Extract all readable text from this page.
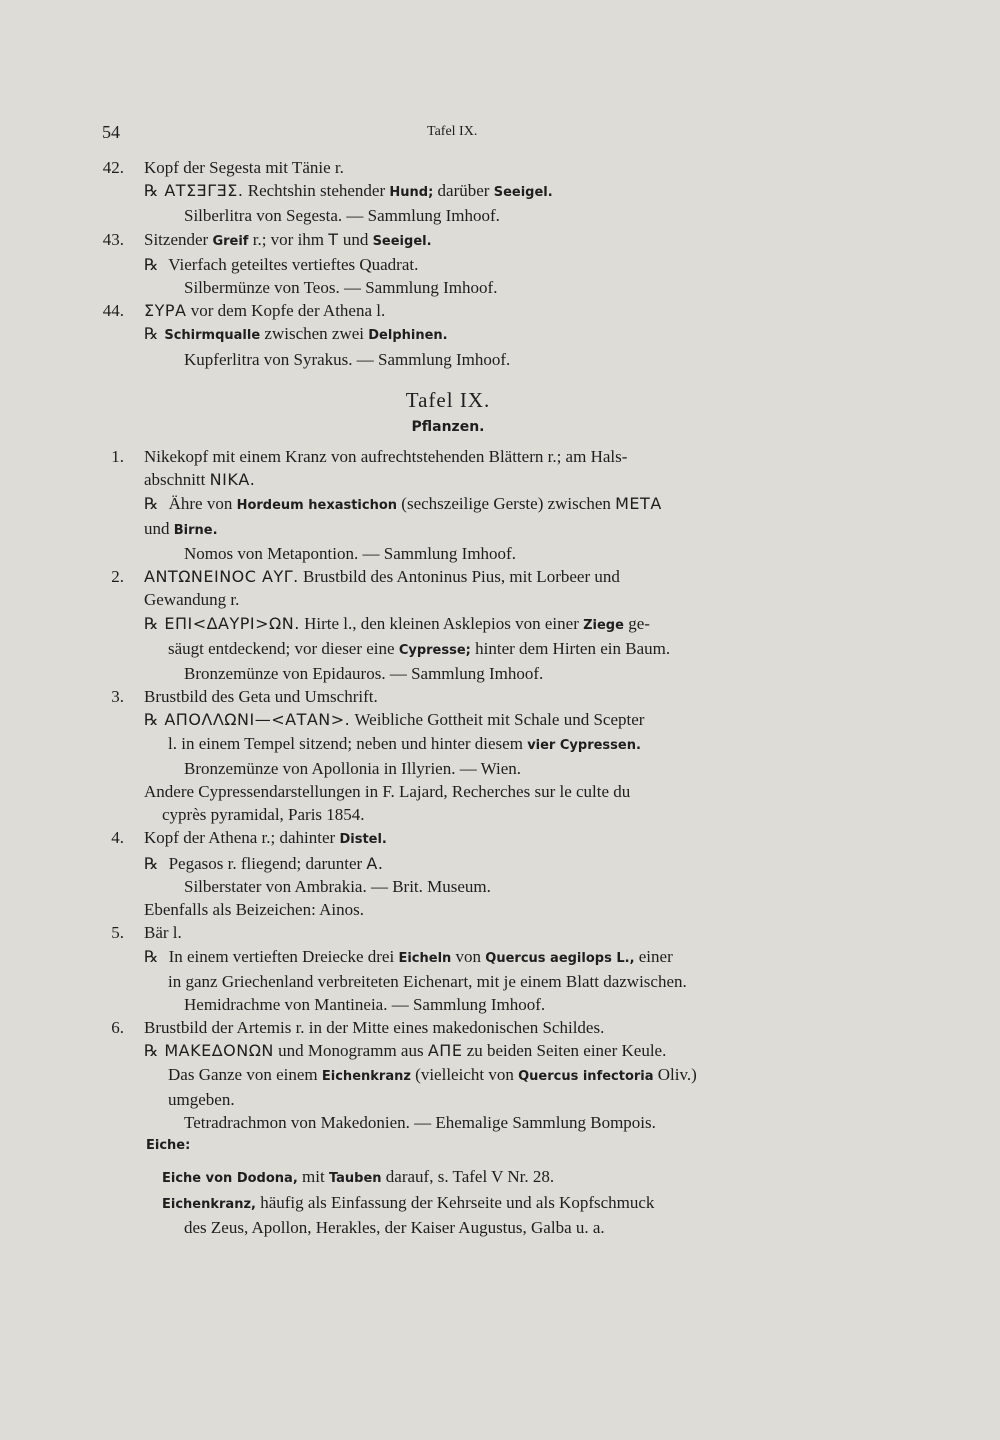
54	Tafel IX.
42. Kopf der Segesta mit Tänie r.

℞ ΑΤΣƎΓƎΣ. Rechtshin stehender Hund; darüber Seeigel.

Silberlitra von Segesta. — Sammlung Imhoof.

43. Sitzender Greif r.; vor ihm Τ und Seeigel.

℞ Vierfach geteiltes vertieftes Quadrat.

Silbermünze von Teos. — Sammlung Imhoof.

44. ΣΥΡΑ vor dem Kopfe der Athena l.

℞ Schirmqualle zwischen zwei Delphinen.

Kupferlitra von Syrakus. — Sammlung Imhoof.

Tafel IX.
Pflanzen.
1. Nikekopf mit einem Kranz von aufrechtstehenden Blättern r.; am Hals-

abschnitt ΝΙΚΑ.

℞ Ähre von Hordeum hexastichon (sechszeilige Gerste) zwischen ΜΕΤΑ

und Birne.

Nomos von Metapontion. — Sammlung Imhoof.

2. ΑΝΤΩΝΕΙΝΟϹ ΑΥΓ. Brustbild des Antoninus Pius, mit Lorbeer und

Gewandung r.

℞ ΕΠΙ<ΔΑΥΡΙ>ΩΝ. Hirte l., den kleinen Asklepios von einer Ziege ge-

säugt entdeckend; vor dieser eine Cypresse; hinter dem Hirten ein Baum.

Bronzemünze von Epidauros. — Sammlung Imhoof.

3. Brustbild des Geta und Umschrift.

℞ ΑΠΟΛΛΩΝΙ—<ΑΤΑΝ>. Weibliche Gottheit mit Schale und Scepter

l. in einem Tempel sitzend; neben und hinter diesem vier Cypressen.

Bronzemünze von Apollonia in Illyrien. — Wien.

Andere Cypressendarstellungen in F. Lajard, Recherches sur le culte du

cyprès pyramidal, Paris 1854.

4. Kopf der Athena r.; dahinter Distel.

℞ Pegasos r. fliegend; darunter Α.

Silberstater von Ambrakia. — Brit. Museum.

Ebenfalls als Beizeichen: Ainos.

5. Bär l.

℞ In einem vertieften Dreiecke drei Eicheln von Quercus aegilops L., einer

in ganz Griechenland verbreiteten Eichenart, mit je einem Blatt dazwischen.

Hemidrachme von Mantineia. — Sammlung Imhoof.

6. Brustbild der Artemis r. in der Mitte eines makedonischen Schildes.

℞ ΜΑΚΕΔΟΝΩΝ und Monogramm aus ΑΠΕ zu beiden Seiten einer Keule.

Das Ganze von einem Eichenkranz (vielleicht von Quercus infectoria Oliv.)

umgeben.

Tetradrachmon von Makedonien. — Ehemalige Sammlung Bompois.

Eiche:

Eiche von Dodona, mit Tauben darauf, s. Tafel V Nr. 28.

Eichenkranz, häufig als Einfassung der Kehrseite und als Kopfschmuck

des Zeus, Apollon, Herakles, der Kaiser Augustus, Galba u. a.
